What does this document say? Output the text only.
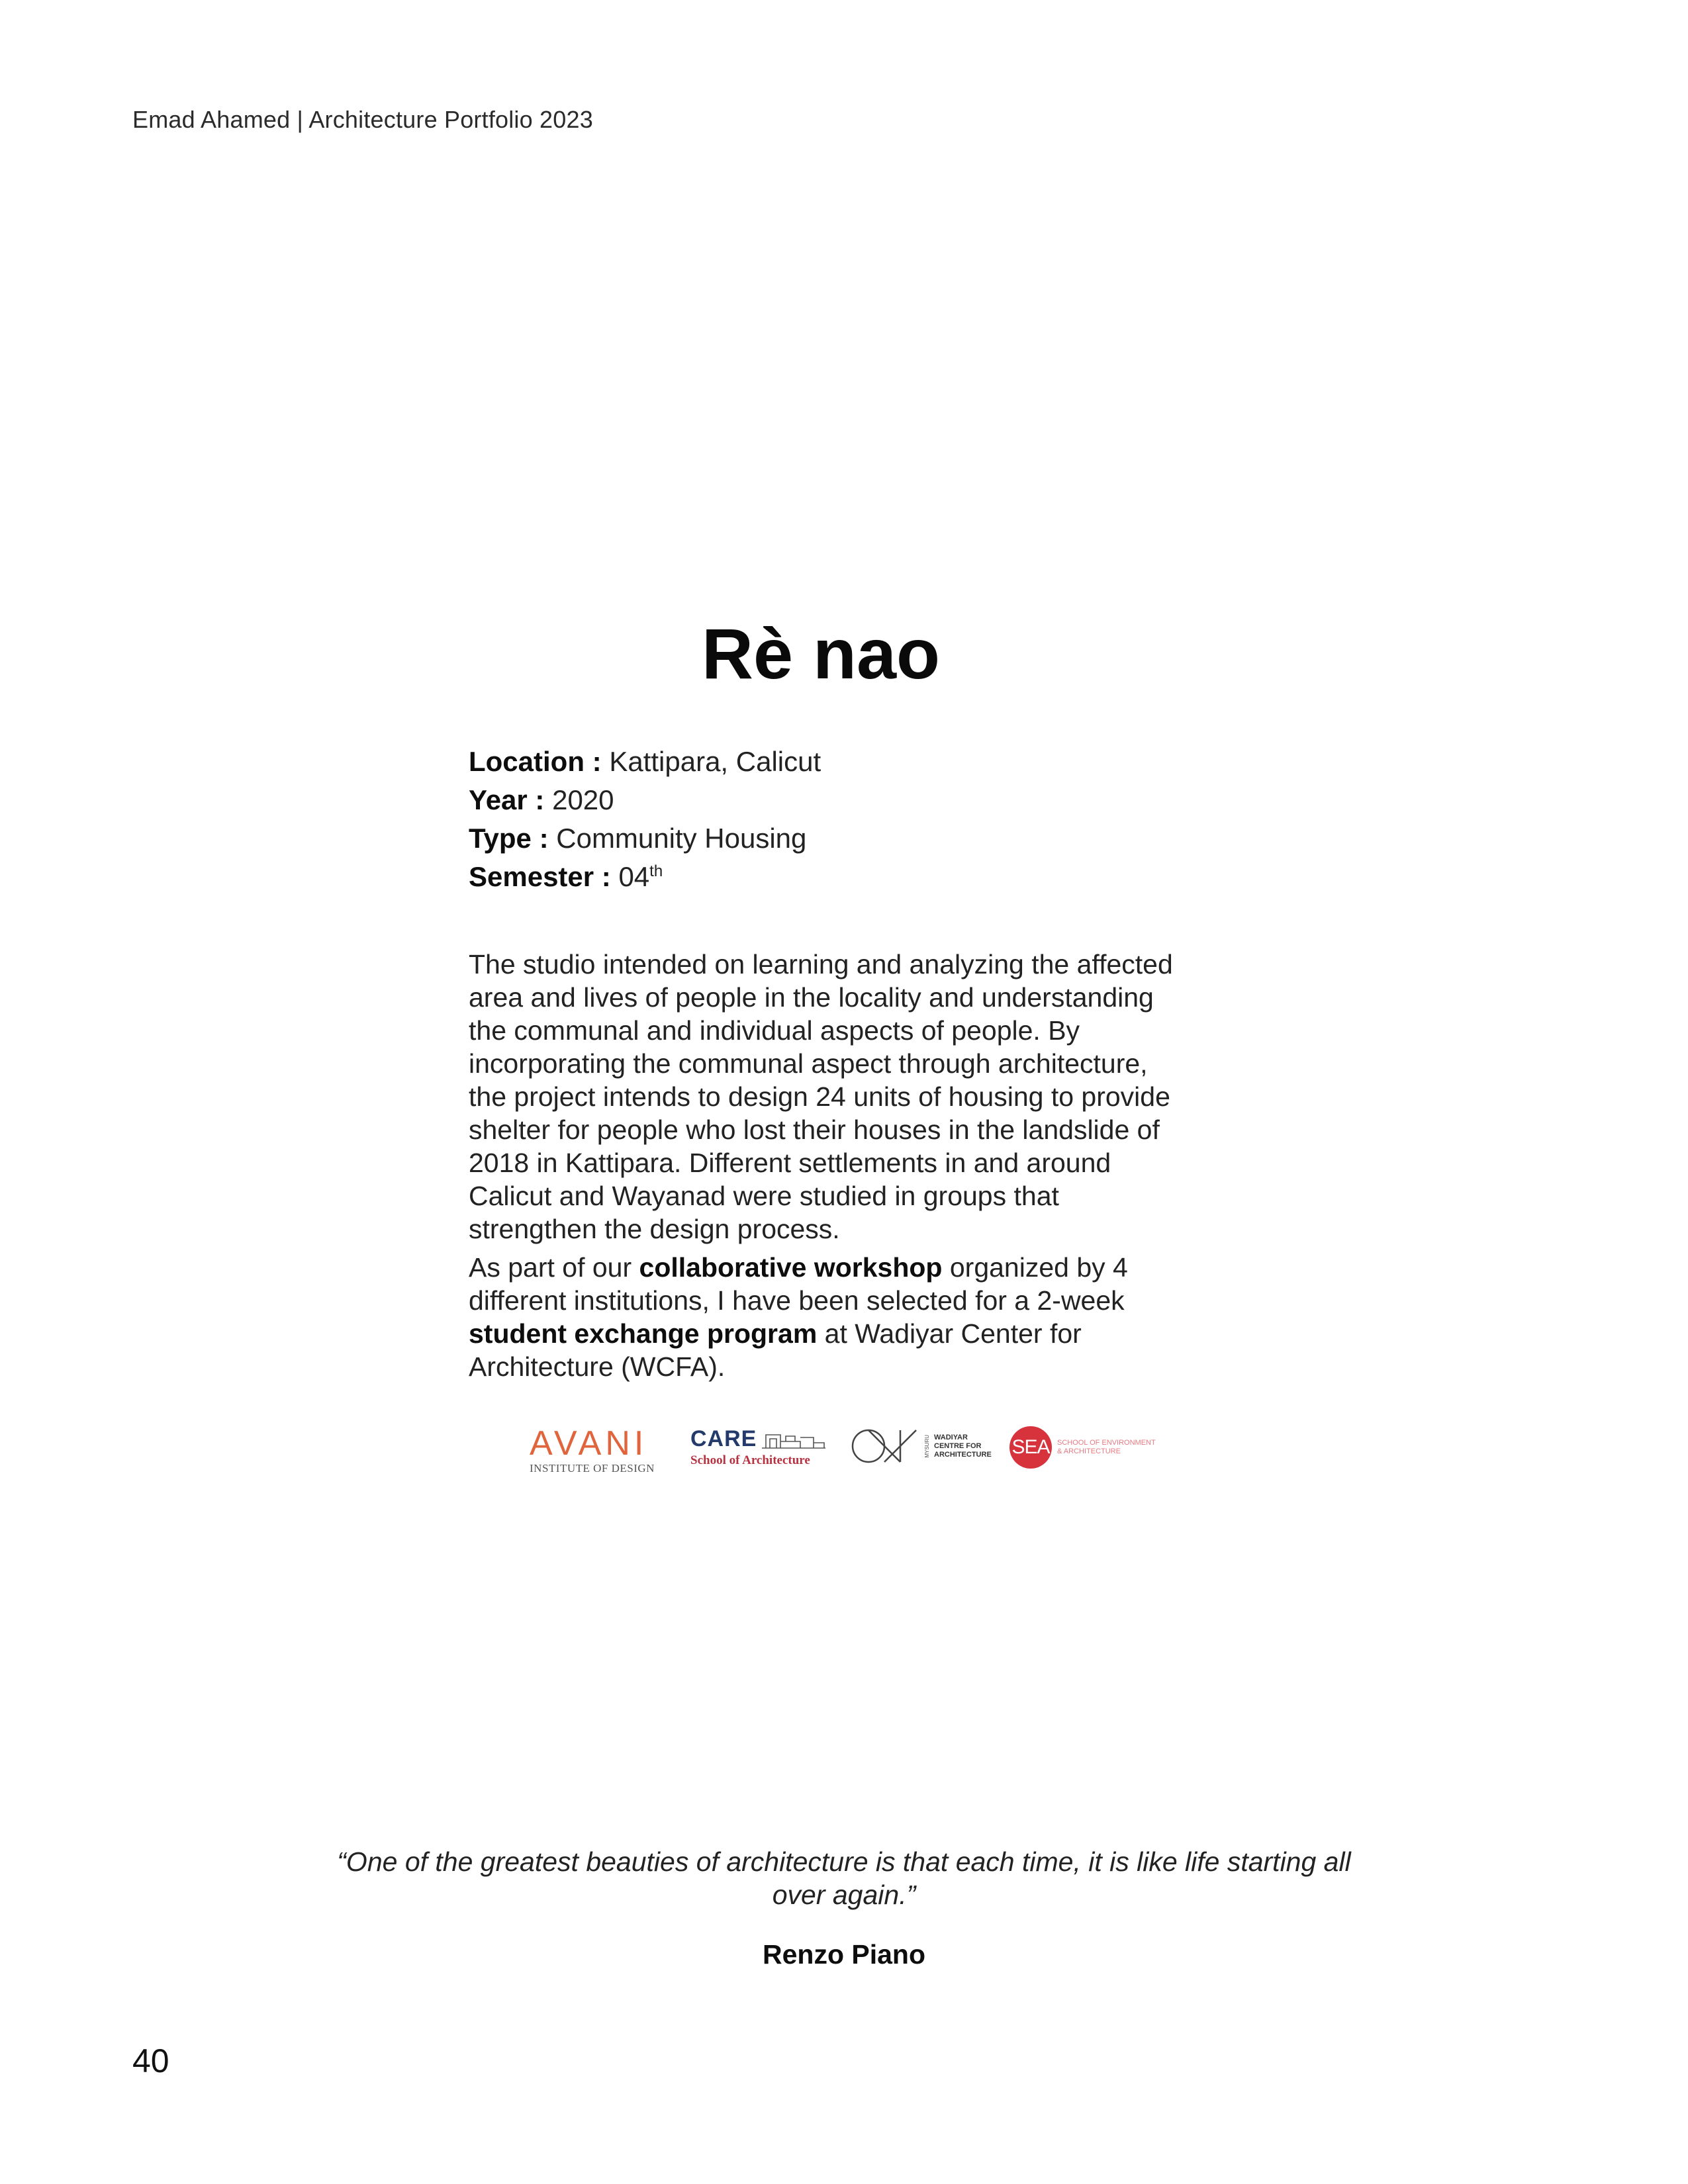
Emad Ahamed | Architecture Portfolio 2023
Rè nao
Location : Kattipara, Calicut
Year : 2020
Type : Community Housing
Semester : 04th

The studio intended on learning and analyzing the affected area and lives of people in the locality and understanding the communal and individual aspects of people. By incorporating the communal aspect through architecture, the project intends to design 24 units of housing to provide shelter for people who lost their houses in the landslide of 2018 in Kattipara. Different settlements in and around Calicut and Wayanad were studied in groups that strengthen the design process.

As part of our collaborative workshop organized by 4 different institutions, I have been selected for a 2-week student exchange program at Wadiyar Center for Architecture (WCFA).

AVANI
INSTITUTE OF DESIGN
CARE
School of Architecture
MYSURU WADIYAR
CENTRE FOR
ARCHITECTURE SEA	SCHOOL OF ENVIRONMENT & ARCHITECTURE
“One of the greatest beauties of architecture is that each time, it is like life starting all over again.”
Renzo Piano
40
